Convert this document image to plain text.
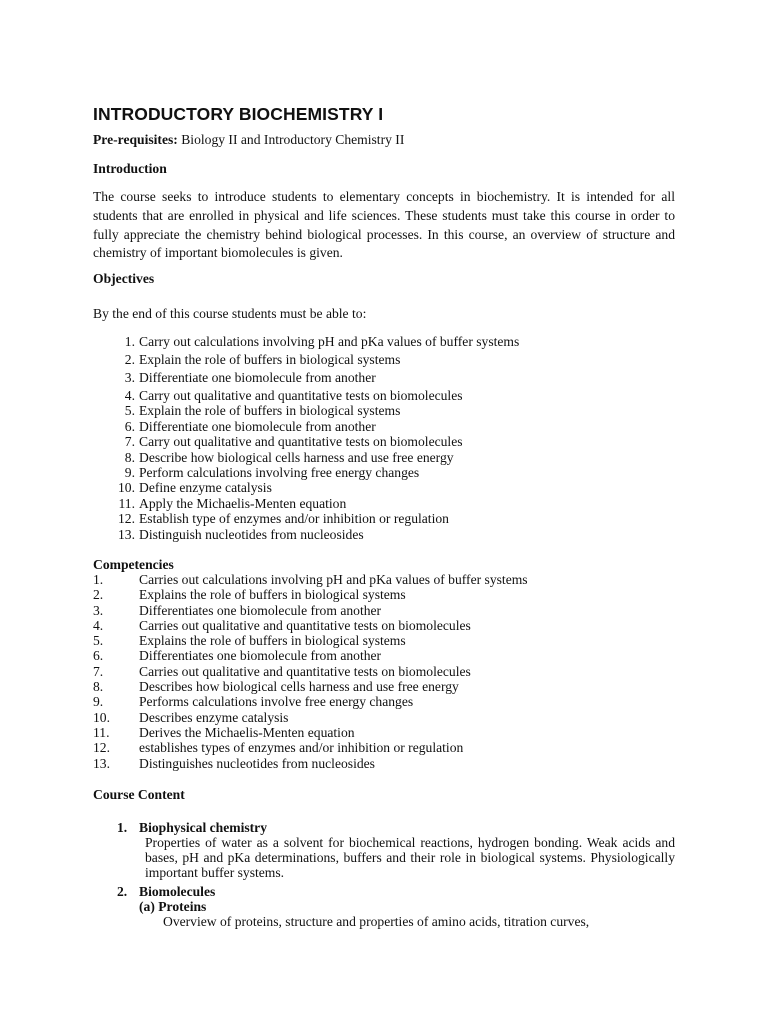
INTRODUCTORY BIOCHEMISTRY I

Pre-requisites: Biology II and Introductory Chemistry II

Introduction

The course seeks to introduce students to elementary concepts in biochemistry. It is intended for all students that are enrolled in physical and life sciences. These students must take this course in order to fully appreciate the chemistry behind biological processes. In this course, an overview of structure and chemistry of important biomolecules is given.

Objectives

By the end of this course students must be able to:

1. Carry out calculations involving pH and pKa values of buffer systems
2. Explain the role of buffers in biological systems
3. Differentiate one biomolecule from another
4. Carry out qualitative and quantitative tests on biomolecules
5. Explain the role of buffers in biological systems
6. Differentiate one biomolecule from another
7. Carry out qualitative and quantitative tests on biomolecules
8. Describe how biological cells harness and use free energy
9. Perform calculations involving free energy changes
10. Define enzyme catalysis
11. Apply the Michaelis-Menten equation
12. Establish type of enzymes and/or inhibition or regulation
13. Distinguish nucleotides from nucleosides

Competencies

1.	Carries out calculations involving pH and pKa values of buffer systems
2.	Explains the role of buffers in biological systems
3.	Differentiates one biomolecule from another
4.	Carries out qualitative and quantitative tests on biomolecules
5.	Explains the role of buffers in biological systems
6.	Differentiates one biomolecule from another
7.	Carries out qualitative and quantitative tests on biomolecules
8.	Describes how biological cells harness and use free energy
9.	Performs calculations involve free energy changes
10. Describes enzyme catalysis
11. Derives the Michaelis-Menten equation
12. establishes types of enzymes and/or inhibition or regulation
13. Distinguishes nucleotides from nucleosides

Course Content

1. Biophysical chemistry

Properties of water as a solvent for biochemical reactions, hydrogen bonding. Weak acids and bases, pH and pKa determinations, buffers and their role in biological systems. Physiologically important buffer systems.

2. Biomolecules
(a) Proteins

Overview of proteins, structure and properties of amino acids, titration curves,
